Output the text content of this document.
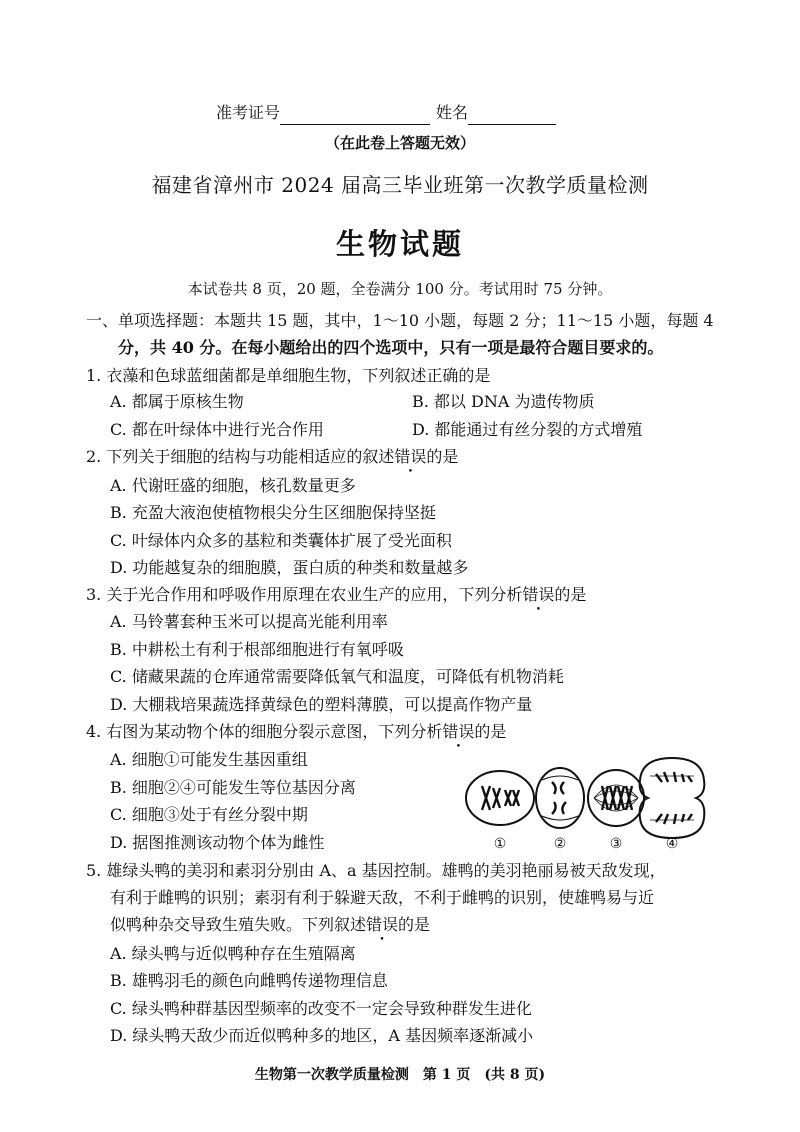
准考证号	姓名
（在此卷上答题无效）
福建省漳州市 2024 届高三毕业班第一次教学质量检测
生物试题
本试卷共 8 页，20 题，全卷满分 100 分。考试用时 75 分钟。
一、单项选择题：本题共 15 题，其中，1～10 小题，每题 2 分；11～15 小题，每题 4
分，共 40 分。在每小题给出的四个选项中，只有一项是最符合题目要求的。
1. 衣藻和色球蓝细菌都是单细胞生物，下列叙述正确的是
A. 都属于原核生物	B. 都以 DNA 为遗传物质
C. 都在叶绿体中进行光合作用	D. 都能通过有丝分裂的方式增殖
2. 下列关于细胞的结构与功能相适应的叙述错误的是
A. 代谢旺盛的细胞，核孔数量更多
B. 充盈大液泡使植物根尖分生区细胞保持坚挺
C. 叶绿体内众多的基粒和类囊体扩展了受光面积
D. 功能越复杂的细胞膜，蛋白质的种类和数量越多
3. 关于光合作用和呼吸作用原理在农业生产的应用，下列分析错误的是
A. 马铃薯套种玉米可以提高光能利用率
B. 中耕松土有利于根部细胞进行有氧呼吸
C. 储藏果蔬的仓库通常需要降低氧气和温度，可降低有机物消耗
D. 大棚栽培果蔬选择黄绿色的塑料薄膜，可以提高作物产量
4. 右图为某动物个体的细胞分裂示意图，下列分析错误的是
A. 细胞①可能发生基因重组
B. 细胞②④可能发生等位基因分离
C. 细胞③处于有丝分裂中期
D. 据图推测该动物个体为雌性	①	②	③	④
5. 雄绿头鸭的美羽和素羽分别由 A、a 基因控制。雄鸭的美羽艳丽易被天敌发现，
有利于雌鸭的识别；素羽有利于躲避天敌，不利于雌鸭的识别，使雄鸭易与近
似鸭种杂交导致生殖失败。下列叙述错误的是
A. 绿头鸭与近似鸭种存在生殖隔离
B. 雄鸭羽毛的颜色向雌鸭传递物理信息
C. 绿头鸭种群基因型频率的改变不一定会导致种群发生进化
D. 绿头鸭天敌少而近似鸭种多的地区，A 基因频率逐渐减小
生物第一次教学质量检测　第 1 页　(共 8 页)
